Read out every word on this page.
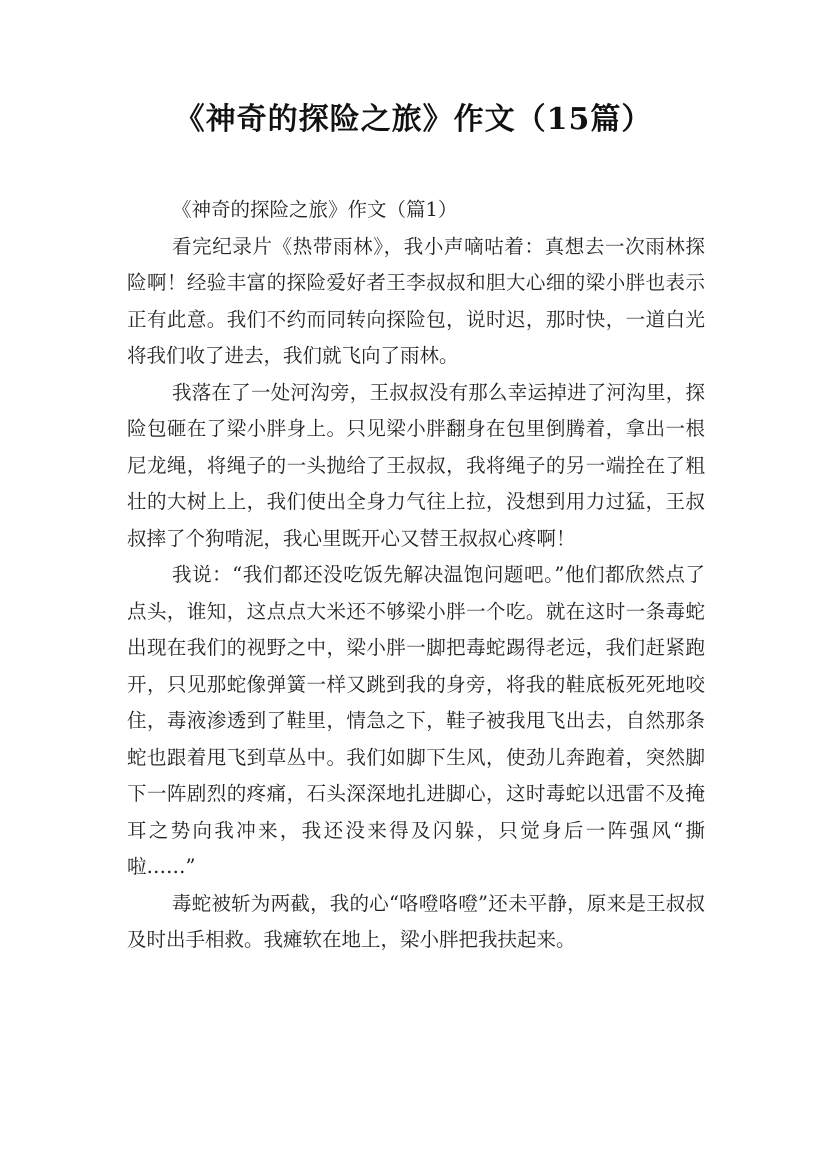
《神奇的探险之旅》作文（15篇）

《神奇的探险之旅》作文（篇1）

看完纪录片《热带雨林》，我小声嘀咕着：真想去一次雨林探险啊！经验丰富的探险爱好者王李叔叔和胆大心细的梁小胖也表示正有此意。我们不约而同转向探险包，说时迟，那时快，一道白光将我们收了进去，我们就飞向了雨林。

我落在了一处河沟旁，王叔叔没有那么幸运掉进了河沟里，探险包砸在了梁小胖身上。只见梁小胖翻身在包里倒腾着，拿出一根尼龙绳，将绳子的一头抛给了王叔叔，我将绳子的另一端拴在了粗壮的大树上上，我们使出全身力气往上拉，没想到用力过猛，王叔叔摔了个狗啃泥，我心里既开心又替王叔叔心疼啊！

我说：“我们都还没吃饭先解决温饱问题吧。”他们都欣然点了点头，谁知，这点点大米还不够梁小胖一个吃。就在这时一条毒蛇出现在我们的视野之中，梁小胖一脚把毒蛇踢得老远，我们赶紧跑开，只见那蛇像弹簧一样又跳到我的身旁，将我的鞋底板死死地咬住，毒液渗透到了鞋里，情急之下，鞋子被我甩飞出去，自然那条蛇也跟着甩飞到草丛中。我们如脚下生风，使劲儿奔跑着，突然脚下一阵剧烈的疼痛，石头深深地扎进脚心，这时毒蛇以迅雷不及掩耳之势向我冲来，我还没来得及闪躲，只觉身后一阵强风“撕啦……”

毒蛇被斩为两截，我的心“咯噔咯噔”还未平静，原来是王叔叔及时出手相救。我瘫软在地上，梁小胖把我扶起来。
